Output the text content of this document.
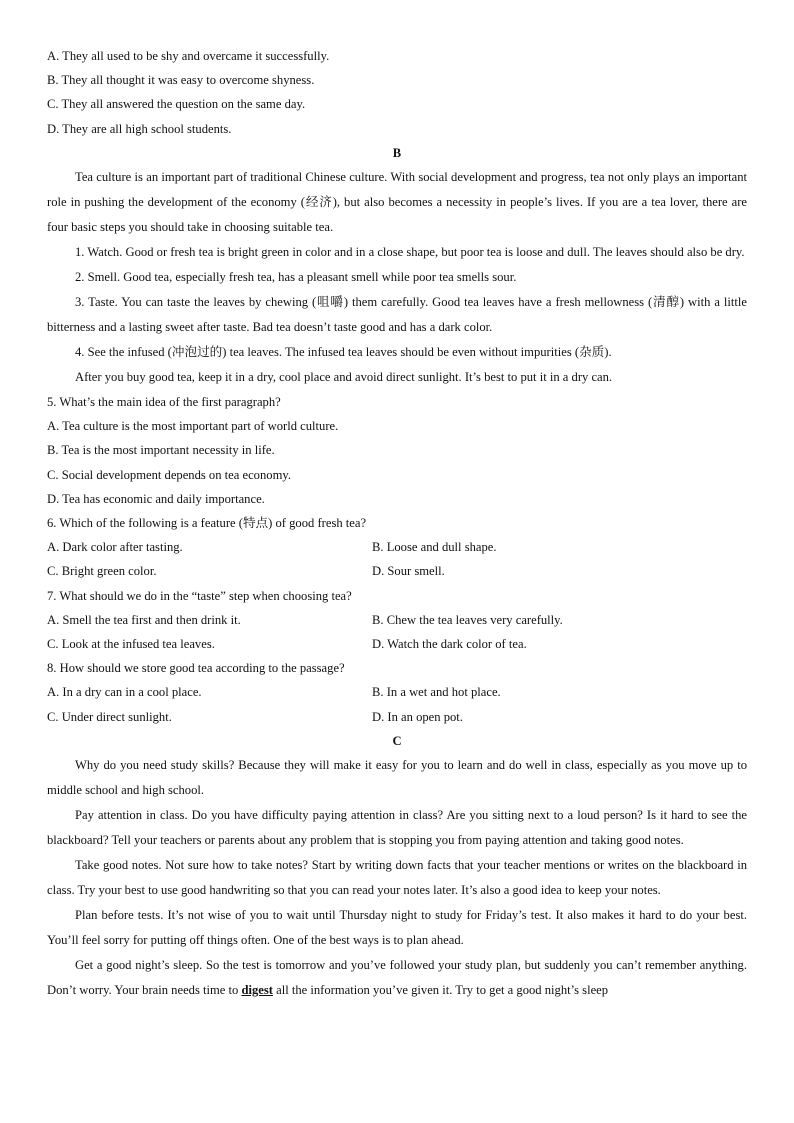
A. They all used to be shy and overcame it successfully.
B. They all thought it was easy to overcome shyness.
C. They all answered the question on the same day.
D. They are all high school students.
B
Tea culture is an important part of traditional Chinese culture. With social development and progress, tea not only plays an important role in pushing the development of the economy (经济), but also becomes a necessity in people’s lives. If you are a tea lover, there are four basic steps you should take in choosing suitable tea.
1. Watch. Good or fresh tea is bright green in color and in a close shape, but poor tea is loose and dull. The leaves should also be dry.
2. Smell. Good tea, especially fresh tea, has a pleasant smell while poor tea smells sour.
3. Taste. You can taste the leaves by chewing (咀嚼) them carefully. Good tea leaves have a fresh mellowness (清醇) with a little bitterness and a lasting sweet after taste. Bad tea doesn’t taste good and has a dark color.
4. See the infused (冲泡过的) tea leaves. The infused tea leaves should be even without impurities (杂质).
After you buy good tea, keep it in a dry, cool place and avoid direct sunlight. It’s best to put it in a dry can.
5. What’s the main idea of the first paragraph?
A. Tea culture is the most important part of world culture.
B. Tea is the most important necessity in life.
C. Social development depends on tea economy.
D. Tea has economic and daily importance.
6. Which of the following is a feature (特点) of good fresh tea?
A. Dark color after tasting.	B. Loose and dull shape.
C. Bright green color.	D. Sour smell.
7. What should we do in the “taste” step when choosing tea?
A. Smell the tea first and then drink it.	B. Chew the tea leaves very carefully.
C. Look at the infused tea leaves.	D. Watch the dark color of tea.
8. How should we store good tea according to the passage?
A. In a dry can in a cool place.	B. In a wet and hot place.
C. Under direct sunlight.	D. In an open pot.
C
Why do you need study skills? Because they will make it easy for you to learn and do well in class, especially as you move up to middle school and high school.
Pay attention in class. Do you have difficulty paying attention in class? Are you sitting next to a loud person? Is it hard to see the blackboard? Tell your teachers or parents about any problem that is stopping you from paying attention and taking good notes.
Take good notes. Not sure how to take notes? Start by writing down facts that your teacher mentions or writes on the blackboard in class. Try your best to use good handwriting so that you can read your notes later. It’s also a good idea to keep your notes.
Plan before tests. It’s not wise of you to wait until Thursday night to study for Friday’s test. It also makes it hard to do your best. You’ll feel sorry for putting off things often. One of the best ways is to plan ahead.
Get a good night’s sleep. So the test is tomorrow and you’ve followed your study plan, but suddenly you can’t remember anything. Don’t worry. Your brain needs time to digest all the information you’ve given it. Try to get a good night’s sleep
